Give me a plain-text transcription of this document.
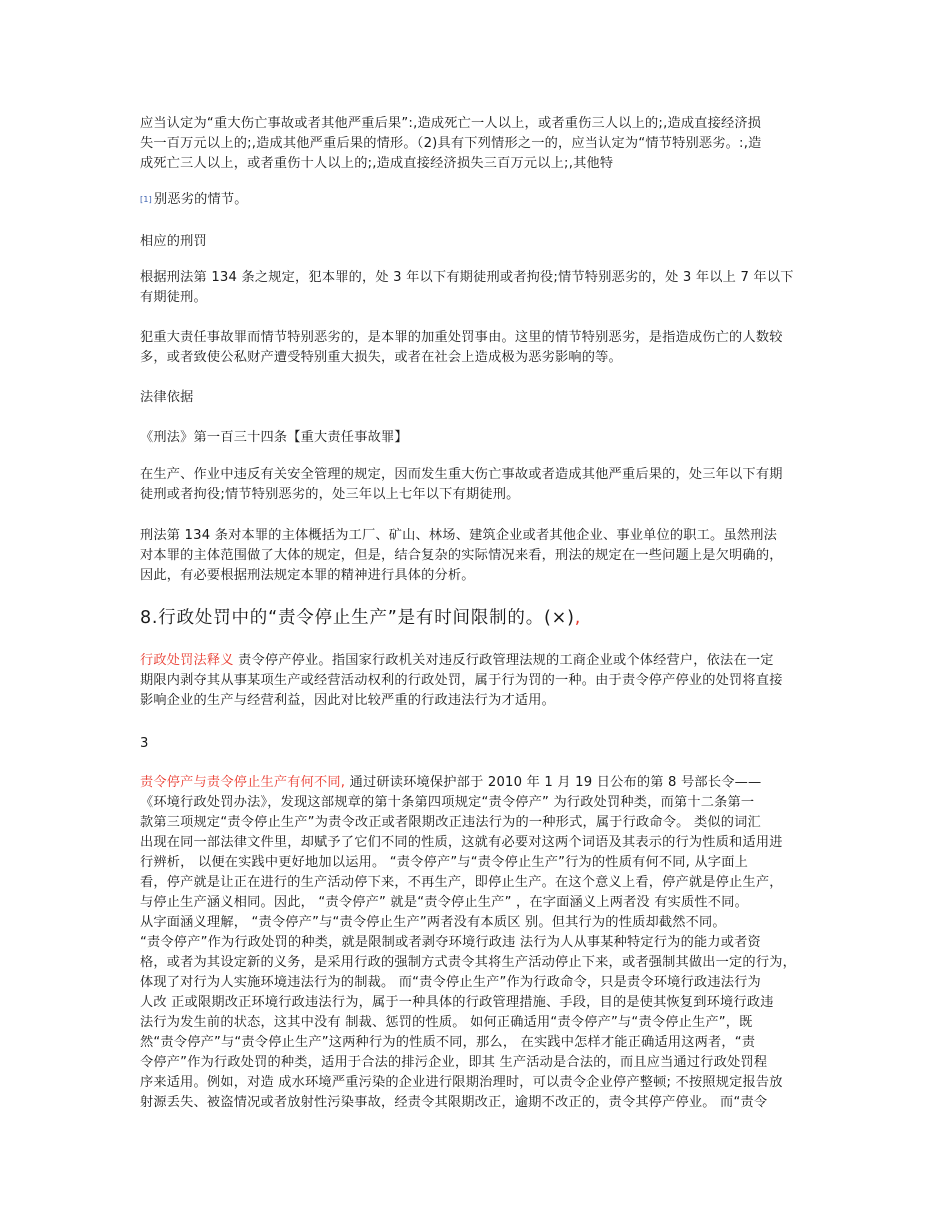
应当认定为“重大伤亡事故或者其他严重后果”:,造成死亡一人以上，或者重伤三人以上的;,造成直接经济损
失一百万元以上的;,造成其他严重后果的情形。（2)具有下列情形之一的，应当认定为“情节特别恶劣。:,造
成死亡三人以上，或者重伤十人以上的;,造成直接经济损失三百万元以上;,其他特
[1] 别恶劣的情节。
相应的刑罚
根据刑法第 134 条之规定，犯本罪的，处 3 年以下有期徒刑或者拘役;情节特别恶劣的，处 3 年以上 7 年以下
有期徒刑。
犯重大责任事故罪而情节特别恶劣的，是本罪的加重处罚事由。这里的情节特别恶劣，是指造成伤亡的人数较
多，或者致使公私财产遭受特别重大损失，或者在社会上造成极为恶劣影响的等。
法律依据
《刑法》第一百三十四条【重大责任事故罪】
在生产、作业中违反有关安全管理的规定，因而发生重大伤亡事故或者造成其他严重后果的，处三年以下有期
徒刑或者拘役;情节特别恶劣的，处三年以上七年以下有期徒刑。
刑法第 134 条对本罪的主体概括为工厂、矿山、林场、建筑企业或者其他企业、事业单位的职工。虽然刑法
对本罪的主体范围做了大体的规定，但是，结合复杂的实际情况来看，刑法的规定在一些问题上是欠明确的，
因此，有必要根据刑法规定本罪的精神进行具体的分析。
8.行政处罚中的“责令停止生产”是有时间限制的。(×),
行政处罚法释义 责令停产停业。指国家行政机关对违反行政管理法规的工商企业或个体经营户，依法在一定
期限内剥夺其从事某项生产或经营活动权利的行政处罚，属于行为罚的一种。由于责令停产停业的处罚将直接
影响企业的生产与经营利益，因此对比较严重的行政违法行为才适用。
3
责令停产与责令停止生产有何不同, 通过研读环境保护部于 2010 年 1 月 19 日公布的第 8 号部长令——
《环境行政处罚办法》，发现这部规章的第十条第四项规定“责令停产” 为行政处罚种类，而第十二条第一
款第三项规定“责令停止生产”为责令改正或者限期改正违法行为的一种形式，属于行政命令。 类似的词汇
出现在同一部法律文件里，却赋予了它们不同的性质，这就有必要对这两个词语及其表示的行为性质和适用进
行辨析， 以便在实践中更好地加以运用。 “责令停产”与“责令停止生产”行为的性质有何不同, 从字面上
看，停产就是让正在进行的生产活动停下来，不再生产，即停止生产。在这个意义上看，停产就是停止生产，
与停止生产涵义相同。因此， “责令停产” 就是“责令停止生产” ，在字面涵义上两者没 有实质性不同。
从字面涵义理解， “责令停产”与“责令停止生产”两者没有本质区 别。但其行为的性质却截然不同。
“责令停产”作为行政处罚的种类，就是限制或者剥夺环境行政违 法行为人从事某种特定行为的能力或者资
格，或者为其设定新的义务，是采用行政的强制方式责令其将生产活动停止下来，或者强制其做出一定的行为，
体现了对行为人实施环境违法行为的制裁。 而“责令停止生产”作为行政命令，只是责令环境行政违法行为
人改 正或限期改正环境行政违法行为，属于一种具体的行政管理措施、手段，目的是使其恢复到环境行政违
法行为发生前的状态，这其中没有 制裁、惩罚的性质。 如何正确适用“责令停产”与“责令停止生产”，既
然“责令停产”与“责令停止生产”这两种行为的性质不同，那么， 在实践中怎样才能正确适用这两者，“责
令停产”作为行政处罚的种类，适用于合法的排污企业，即其 生产活动是合法的，而且应当通过行政处罚程
序来适用。例如，对造 成水环境严重污染的企业进行限期治理时，可以责令企业停产整顿; 不按照规定报告放
射源丢失、被盗情况或者放射性污染事故，经责令其限期改正，逾期不改正的，责令其停产停业。 而“责令
